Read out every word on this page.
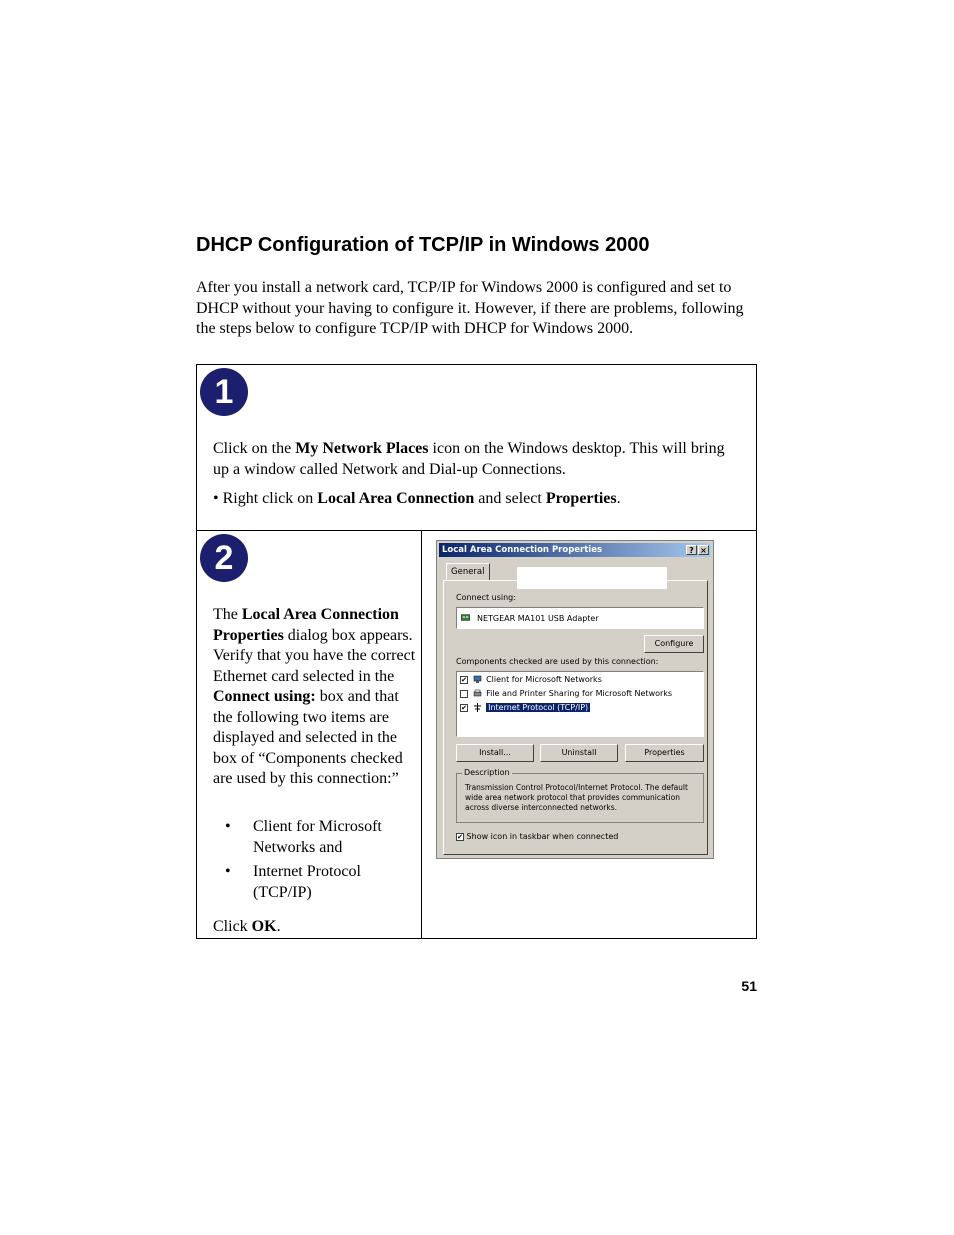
DHCP Configuration of TCP/IP in Windows 2000

After you install a network card, TCP/IP for Windows 2000 is configured and set to DHCP without your having to configure it. However, if there are problems, following the steps below to configure TCP/IP with DHCP for Windows 2000.

1

Click on the My Network Places icon on the Windows desktop. This will bring up a window called Network and Dial-up Connections.

• Right click on Local Area Connection and select Properties.

2

The Local Area Connection Properties dialog box appears. Verify that you have the correct Ethernet card selected in the Connect using: box and that the following two items are displayed and selected in the box of “Components checked are used by this connection:”

• Client for Microsoft Networks and
• Internet Protocol (TCP/IP)

Click OK.

Local Area Connection Properties	? ×
General
Connect using:
NETGEAR MA101 USB Adapter
Configure
Components checked are used by this connection:
✔ Client for Microsoft Networks
File and Printer Sharing for Microsoft Networks
✔	Internet Protocol (TCP/IP)
Install...	Uninstall	Properties
Description
Transmission Control Protocol/Internet Protocol. The default wide area network protocol that provides communication across diverse interconnected networks.
✔ Show icon in taskbar when connected
51
